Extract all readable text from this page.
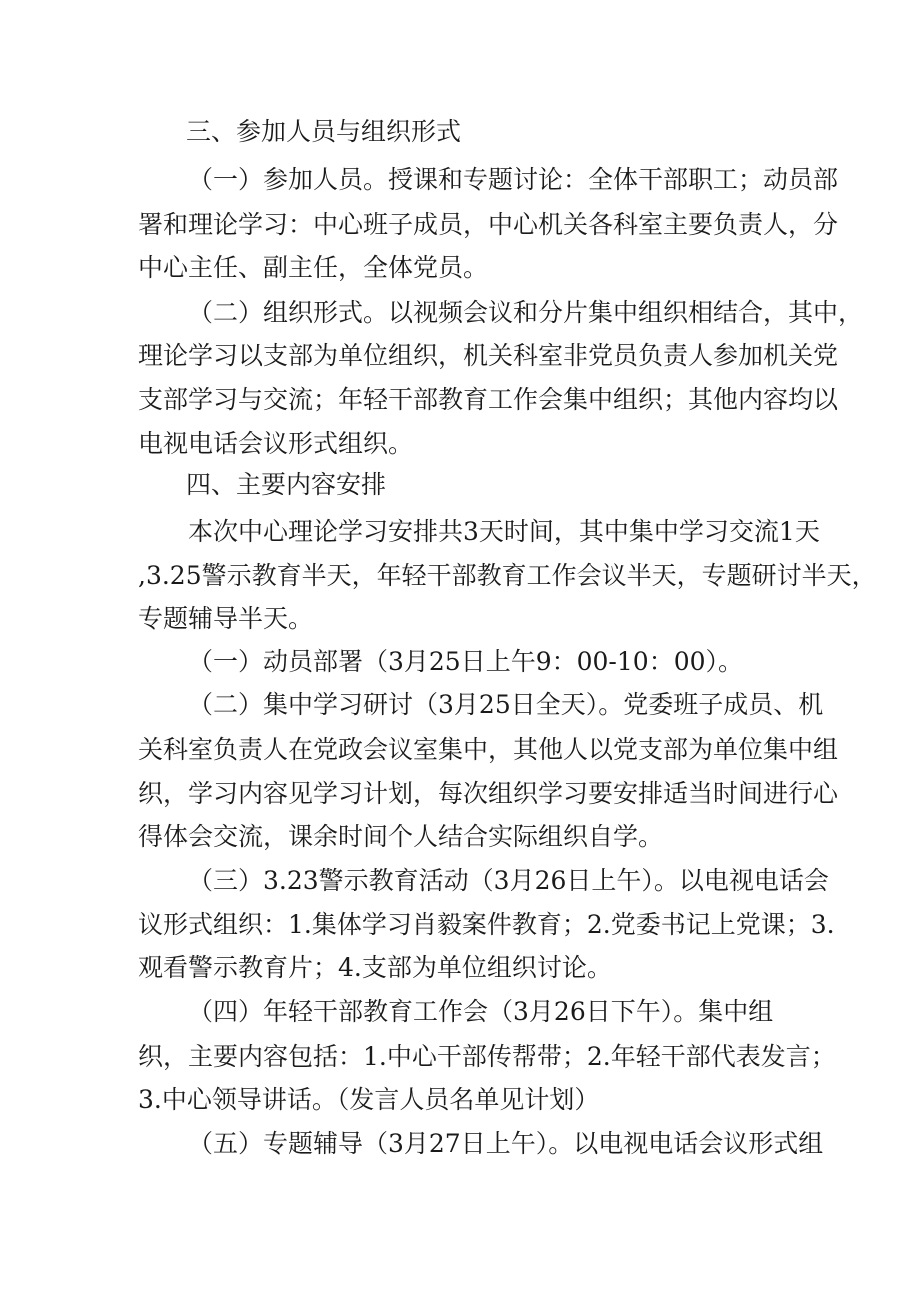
三、参加人员与组织形式
（一）参加人员。授课和专题讨论：全体干部职工；动员部
署和理论学习：中心班子成员，中心机关各科室主要负责人，分
中心主任、副主任，全体党员。
（二）组织形式。以视频会议和分片集中组织相结合，其中，
理论学习以支部为单位组织，机关科室非党员负责人参加机关党
支部学习与交流；年轻干部教育工作会集中组织；其他内容均以
电视电话会议形式组织。
四、主要内容安排
本次中心理论学习安排共3天时间，其中集中学习交流1天
,3.25警示教育半天，年轻干部教育工作会议半天，专题研讨半天，
专题辅导半天。
（一）动员部署（3月25日上午9：00-10：00）。
（二）集中学习研讨（3月25日全天）。党委班子成员、机
关科室负责人在党政会议室集中，其他人以党支部为单位集中组
织，学习内容见学习计划，每次组织学习要安排适当时间进行心
得体会交流，课余时间个人结合实际组织自学。
（三）3.23警示教育活动（3月26日上午）。以电视电话会
议形式组织：1.集体学习肖毅案件教育；2.党委书记上党课；3.
观看警示教育片；4.支部为单位组织讨论。
（四）年轻干部教育工作会（3月26日下午）。集中组
织，主要内容包括：1.中心干部传帮带；2.年轻干部代表发言；
3.中心领导讲话。（发言人员名单见计划）
（五）专题辅导（3月27日上午）。以电视电话会议形式组
